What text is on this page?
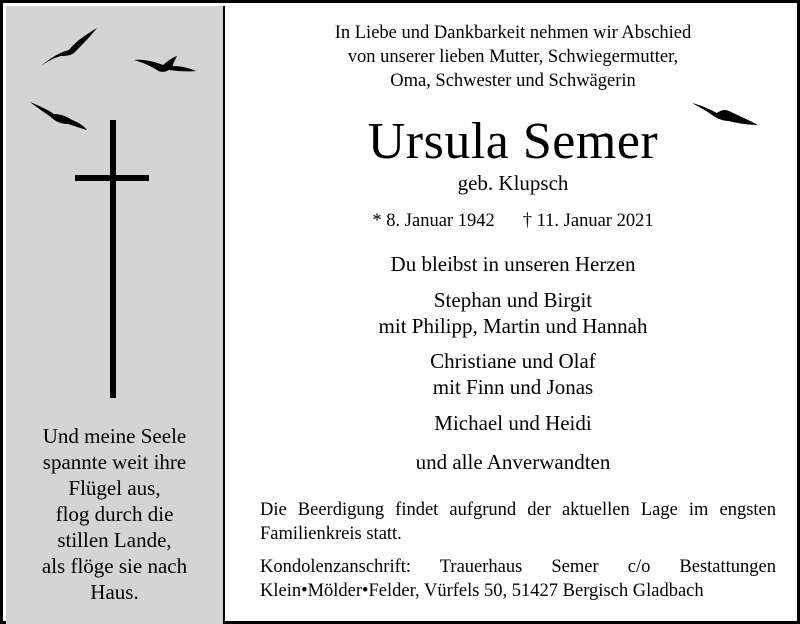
Und meine Seele
spannte weit ihre
Flügel aus,
flog durch die
stillen Lande,
als flöge sie nach
Haus.
In Liebe und Dankbarkeit nehmen wir Abschied
von unserer lieben Mutter, Schwiegermutter,
Oma, Schwester und Schwägerin
Ursula Semer
geb. Klupsch
* 8. Januar 1942 † 11. Januar 2021
Du bleibst in unseren Herzen
Stephan und Birgit
mit Philipp, Martin und Hannah
Christiane und Olaf
mit Finn und Jonas
Michael und Heidi
und alle Anverwandten
Die Beerdigung findet aufgrund der aktuellen Lage im engsten
Familienkreis statt.
Kondolenzanschrift: Trauerhaus Semer c/o Bestattungen
Klein•Mölder•Felder, Vürfels 50, 51427 Bergisch Gladbach
